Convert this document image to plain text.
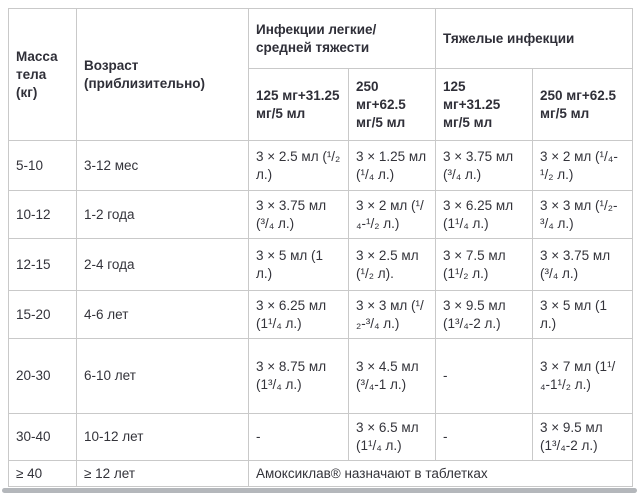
Масса тела (кг)	Возраст (приблизительно)	Инфекции легкие/средней тяжести		Тяжелые инфекции	
		125 мг+31.25 мг/5 мл	250 мг+62.5 мг/5 мл	125 мг+31.25 мг/5 мл	250 мг+62.5 мг/5 мл
5-10	3-12 мес	3 × 2.5 мл (¹/₂ л.)	3 × 1.25 мл (¹/₄ л.)	3 × 3.75 мл (³/₄ л.)	3 × 2 мл (¹/₄-¹/₂ л.)
10-12	1-2 года	3 × 3.75 мл (³/₄ л.)	3 × 2 мл (¹/₄-¹/₂ л.)	3 × 6.25 мл (1¹/₄ л.)	3 × 3 мл (¹/₂-³/₄ л.)
12-15	2-4 года	3 × 5 мл (1 л.)	3 × 2.5 мл (¹/₂ л).	3 × 7.5 мл (1¹/₂ л.)	3 × 3.75 мл (³/₄ л.)
15-20	4-6 лет	3 × 6.25 мл (1¹/₄ л.)	3 × 3 мл (¹/₂-³/₄ л.)	3 × 9.5 мл (1³/₄-2 л.)	3 × 5 мл (1 л.)
20-30	6-10 лет	3 × 8.75 мл (1³/₄ л.)	3 × 4.5 мл (³/₄-1 л.)	-	3 × 7 мл (1¹/₄-1¹/₂ л.)
30-40	10-12 лет	-	3 × 6.5 мл (1¹/₄ л.)	-	3 × 9.5 мл (1³/₄-2 л.)
≥ 40	≥ 12 лет	Амоксиклав® назначают в таблетках			
